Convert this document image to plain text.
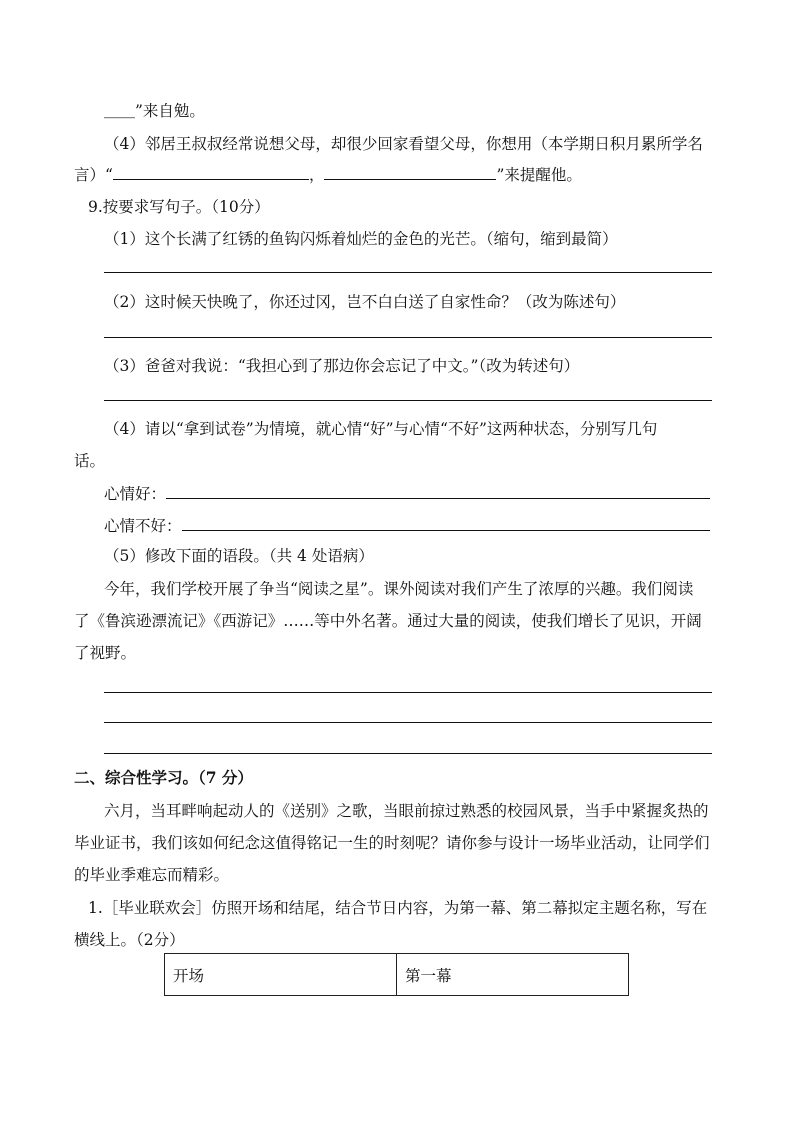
＿＿”来自勉。
（4）邻居王叔叔经常说想父母，却很少回家看望父母，你想用（本学期日积月累所学名
言）“	，	”来提醒他。
9.按要求写句子。（10分）
（1）这个长满了红锈的鱼钩闪烁着灿烂的金色的光芒。（缩句，缩到最简）
（2）这时候天快晚了，你还过冈，岂不白白送了自家性命？（改为陈述句）
（3）爸爸对我说：“我担心到了那边你会忘记了中文。”（改为转述句）
（4）请以“拿到试卷”为情境，就心情“好”与心情“不好”这两种状态，分别写几句
话。
心情好：
心情不好：
（5）修改下面的语段。（共 4 处语病）
今年，我们学校开展了争当“阅读之星”。课外阅读对我们产生了浓厚的兴趣。我们阅读
了《鲁滨逊漂流记》《西游记》……等中外名著。通过大量的阅读，使我们增长了见识，开阔
了视野。
二、综合性学习。（7 分）
六月，当耳畔响起动人的《送别》之歌，当眼前掠过熟悉的校园风景，当手中紧握炙热的
毕业证书，我们该如何纪念这值得铭记一生的时刻呢？请你参与设计一场毕业活动，让同学们
的毕业季难忘而精彩。
1.［毕业联欢会］仿照开场和结尾，结合节日内容，为第一幕、第二幕拟定主题名称，写在
横线上。（2分）
开场	第一幕
